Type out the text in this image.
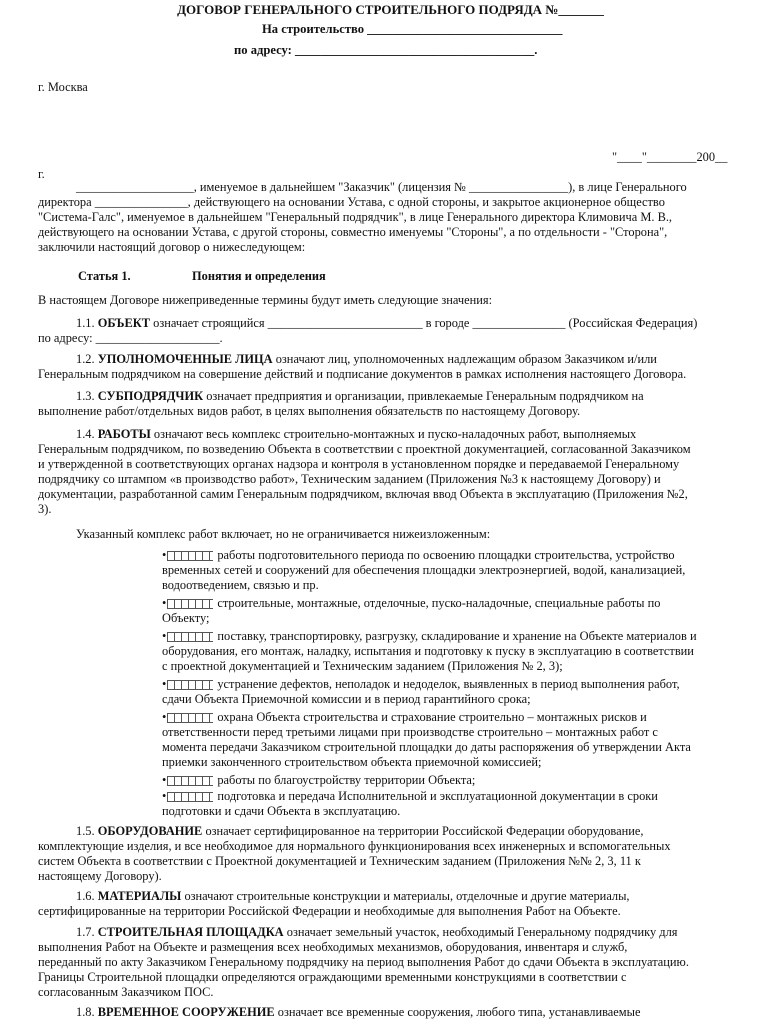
ДОГОВОР ГЕНЕРАЛЬНОГО СТРОИТЕЛЬНОГО ПОДРЯДА №_______
На строительство _______________________________
по адресу: ______________________________________.
г. Москва
"____"________200__
г.
___________________, именуемое в дальнейшем "Заказчик" (лицензия № ________________), в лице Генерального
директора _______________, действующего на основании Устава, с одной стороны, и закрытое акционерное общество
"Система-Галс", именуемое в дальнейшем "Генеральный подрядчик", в лице Генерального директора Климовича М. В.,
действующего на основании Устава, с другой стороны, совместно именуемы "Стороны", а по отдельности - "Сторона",
заключили настоящий договор о нижеследующем:
Статья 1.	Понятия и определения
В настоящем Договоре нижеприведенные термины будут иметь следующие значения:
1.1. ОБЪЕКТ означает строящийся _________________________ в городе _______________ (Российская Федерация)
по адресу: ____________________.
1.2. УПОЛНОМОЧЕННЫЕ ЛИЦА означают лиц, уполномоченных надлежащим образом Заказчиком и/или
Генеральным подрядчиком на совершение действий и подписание документов в рамках исполнения настоящего Договора.
1.3. СУБПОДРЯДЧИК означает предприятия и организации, привлекаемые Генеральным подрядчиком на
выполнение работ/отдельных видов работ, в целях выполнения обязательств по настоящему Договору.
1.4. РАБОТЫ означают весь комплекс строительно-монтажных и пуско-наладочных работ, выполняемых
Генеральным подрядчиком, по возведению Объекта в соответствии с проектной документацией, согласованной Заказчиком
и утвержденной в соответствующих органах надзора и контроля в установленном порядке и передаваемой Генеральному
подрядчику со штампом «в производство работ», Техническим заданием (Приложения №3 к настоящему Договору) и
документации, разработанной самим Генеральным подрядчиком, включая ввод Объекта в эксплуатацию (Приложения №2,
3).
Указанный комплекс работ включает, но не ограничивается нижеизложенным:
•	работы подготовительного периода по освоению площадки строительства, устройство
временных сетей и сооружений для обеспечения площадки электроэнергией, водой, канализацией,
водоотведением, связью и пр.
•	строительные, монтажные, отделочные, пуско-наладочные, специальные работы по
Объекту;
•	поставку, транспортировку, разгрузку, складирование и хранение на Объекте материалов и
оборудования, его монтаж, наладку, испытания и подготовку к пуску в эксплуатацию в соответствии
с проектной документацией и Техническим заданием (Приложения № 2, 3);
•	устранение дефектов, неполадок и недоделок, выявленных в период выполнения работ,
сдачи Объекта Приемочной комиссии и в период гарантийного срока;
•	охрана Объекта строительства и страхование строительно – монтажных рисков и
ответственности перед третьими лицами при производстве строительно – монтажных работ с
момента передачи Заказчиком строительной площадки до даты распоряжения об утверждении Акта
приемки законченного строительством объекта приемочной комиссией;
•	работы по благоустройству территории Объекта;
•	подготовка и передача Исполнительной и эксплуатационной документации в сроки
подготовки и сдачи Объекта в эксплуатацию.
1.5. ОБОРУДОВАНИЕ означает сертифицированное на территории Российской Федерации оборудование,
комплектующие изделия, и все необходимое для нормального функционирования всех инженерных и вспомогательных
систем Объекта в соответствии с Проектной документацией и Техническим заданием (Приложения №№ 2, 3, 11 к
настоящему Договору).
1.6. МАТЕРИАЛЫ означают строительные конструкции и материалы, отделочные и другие материалы,
сертифицированные на территории Российской Федерации и необходимые для выполнения Работ на Объекте.
1.7. СТРОИТЕЛЬНАЯ ПЛОЩАДКА означает земельный участок, необходимый Генеральному подрядчику для
выполнения Работ на Объекте и размещения всех необходимых механизмов, оборудования, инвентаря и служб,
переданный по акту Заказчиком Генеральному подрядчику на период выполнения Работ до сдачи Объекта в эксплуатацию.
Границы Строительной площадки определяются ограждающими временными конструкциями в соответствии с
согласованным Заказчиком ПОС.
1.8. ВРЕМЕННОЕ СООРУЖЕНИЕ означает все временные сооружения, любого типа, устанавливаемые
